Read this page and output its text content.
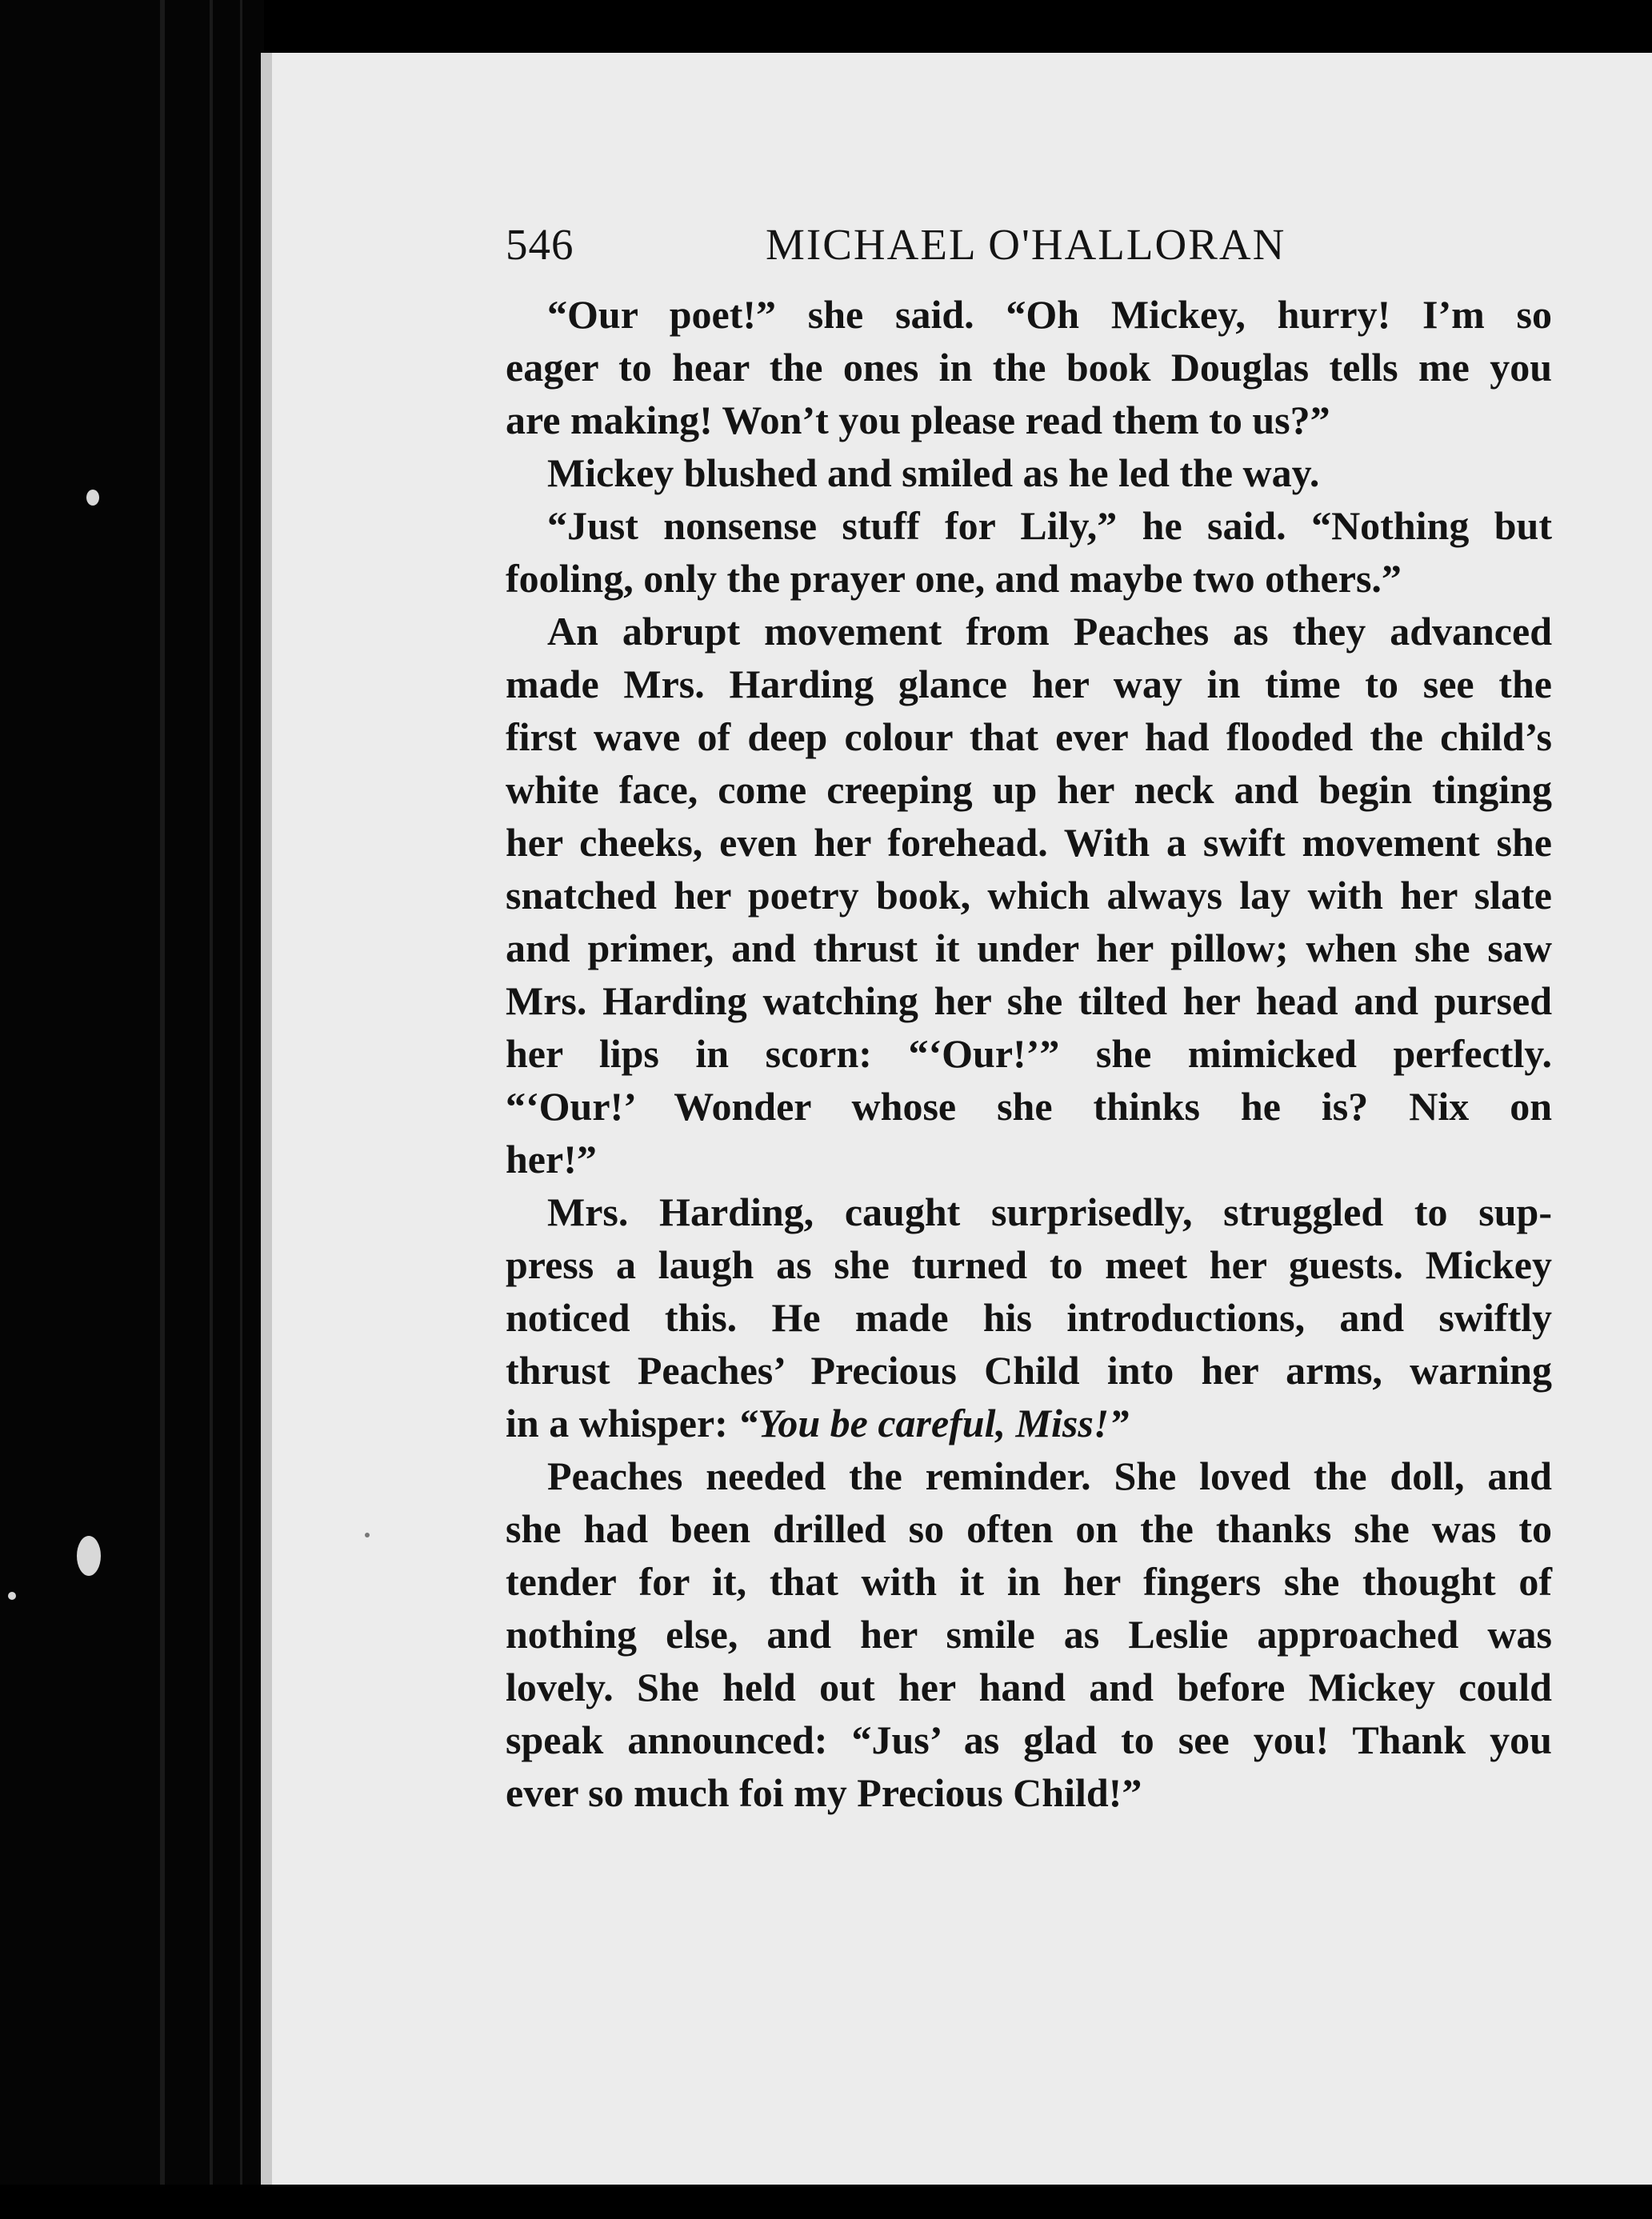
546	MICHAEL O'HALLORAN
“Our poet!” she said. “Oh Mickey, hurry! I’m so
eager to hear the ones in the book Douglas tells me you
are making! Won’t you please read them to us?”
Mickey blushed and smiled as he led the way.
“Just nonsense stuff for Lily,” he said. “Nothing but
fooling, only the prayer one, and maybe two others.”
An abrupt movement from Peaches as they advanced
made Mrs. Harding glance her way in time to see the
first wave of deep colour that ever had flooded the child’s
white face, come creeping up her neck and begin tinging
her cheeks, even her forehead. With a swift movement she
snatched her poetry book, which always lay with her slate
and primer, and thrust it under her pillow; when she saw
Mrs. Harding watching her she tilted her head and pursed
her lips in scorn: “‘Our!’” she mimicked perfectly.
“‘Our!’ Wonder whose she thinks he is? Nix on
her!”
Mrs. Harding, caught surprisedly, struggled to sup-
press a laugh as she turned to meet her guests. Mickey
noticed this. He made his introductions, and swiftly
thrust Peaches’ Precious Child into her arms, warning
in a whisper: “You be careful, Miss!”
Peaches needed the reminder. She loved the doll, and
she had been drilled so often on the thanks she was to
tender for it, that with it in her fingers she thought of
nothing else, and her smile as Leslie approached was
lovely. She held out her hand and before Mickey could
speak announced: “Jus’ as glad to see you! Thank you
ever so much foi my Precious Child!”
